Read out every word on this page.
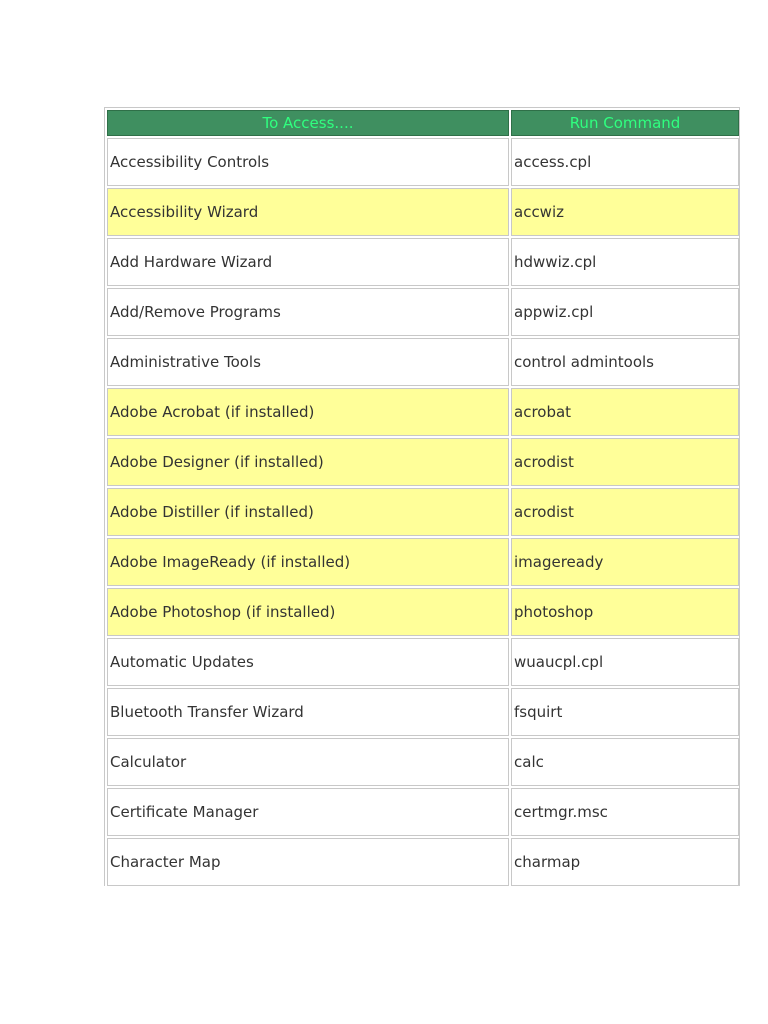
To Access....	Run Command
Accessibility Controls	access.cpl
Accessibility Wizard	accwiz
Add Hardware Wizard	hdwwiz.cpl
Add/Remove Programs	appwiz.cpl
Administrative Tools	control admintools
Adobe Acrobat (if installed)	acrobat
Adobe Designer (if installed)	acrodist
Adobe Distiller (if installed)	acrodist
Adobe ImageReady (if installed)	imageready
Adobe Photoshop (if installed)	photoshop
Automatic Updates	wuaucpl.cpl
Bluetooth Transfer Wizard	fsquirt
Calculator	calc
Certificate Manager	certmgr.msc
Character Map	charmap
